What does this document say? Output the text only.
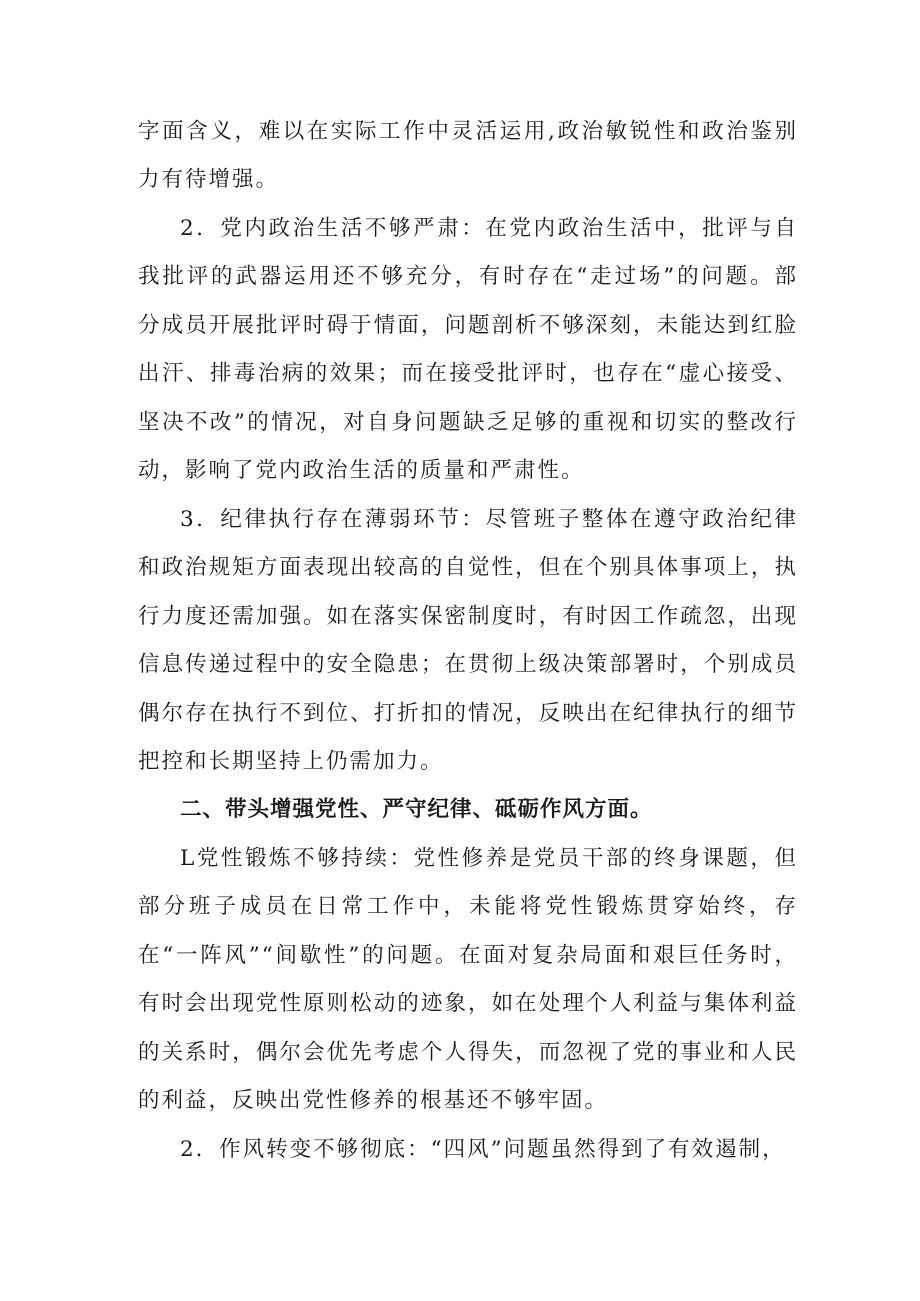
字面含义，难以在实际工作中灵活运用,政治敏锐性和政治鉴别力有待增强。

2．党内政治生活不够严肃：在党内政治生活中，批评与自我批评的武器运用还不够充分，有时存在“走过场”的问题。部分成员开展批评时碍于情面，问题剖析不够深刻，未能达到红脸出汗、排毒治病的效果；而在接受批评时，也存在“虚心接受、坚决不改”的情况，对自身问题缺乏足够的重视和切实的整改行动，影响了党内政治生活的质量和严肃性。

3．纪律执行存在薄弱环节：尽管班子整体在遵守政治纪律和政治规矩方面表现出较高的自觉性，但在个别具体事项上，执行力度还需加强。如在落实保密制度时，有时因工作疏忽，出现信息传递过程中的安全隐患；在贯彻上级决策部署时，个别成员偶尔存在执行不到位、打折扣的情况，反映出在纪律执行的细节把控和长期坚持上仍需加力。

二、带头增强党性、严守纪律、砥砺作风方面。

L党性锻炼不够持续：党性修养是党员干部的终身课题，但部分班子成员在日常工作中，未能将党性锻炼贯穿始终，存在“一阵风”“间歇性”的问题。在面对复杂局面和艰巨任务时，有时会出现党性原则松动的迹象，如在处理个人利益与集体利益的关系时，偶尔会优先考虑个人得失，而忽视了党的事业和人民的利益，反映出党性修养的根基还不够牢固。

2．作风转变不够彻底：“四风”问题虽然得到了有效遏制，
